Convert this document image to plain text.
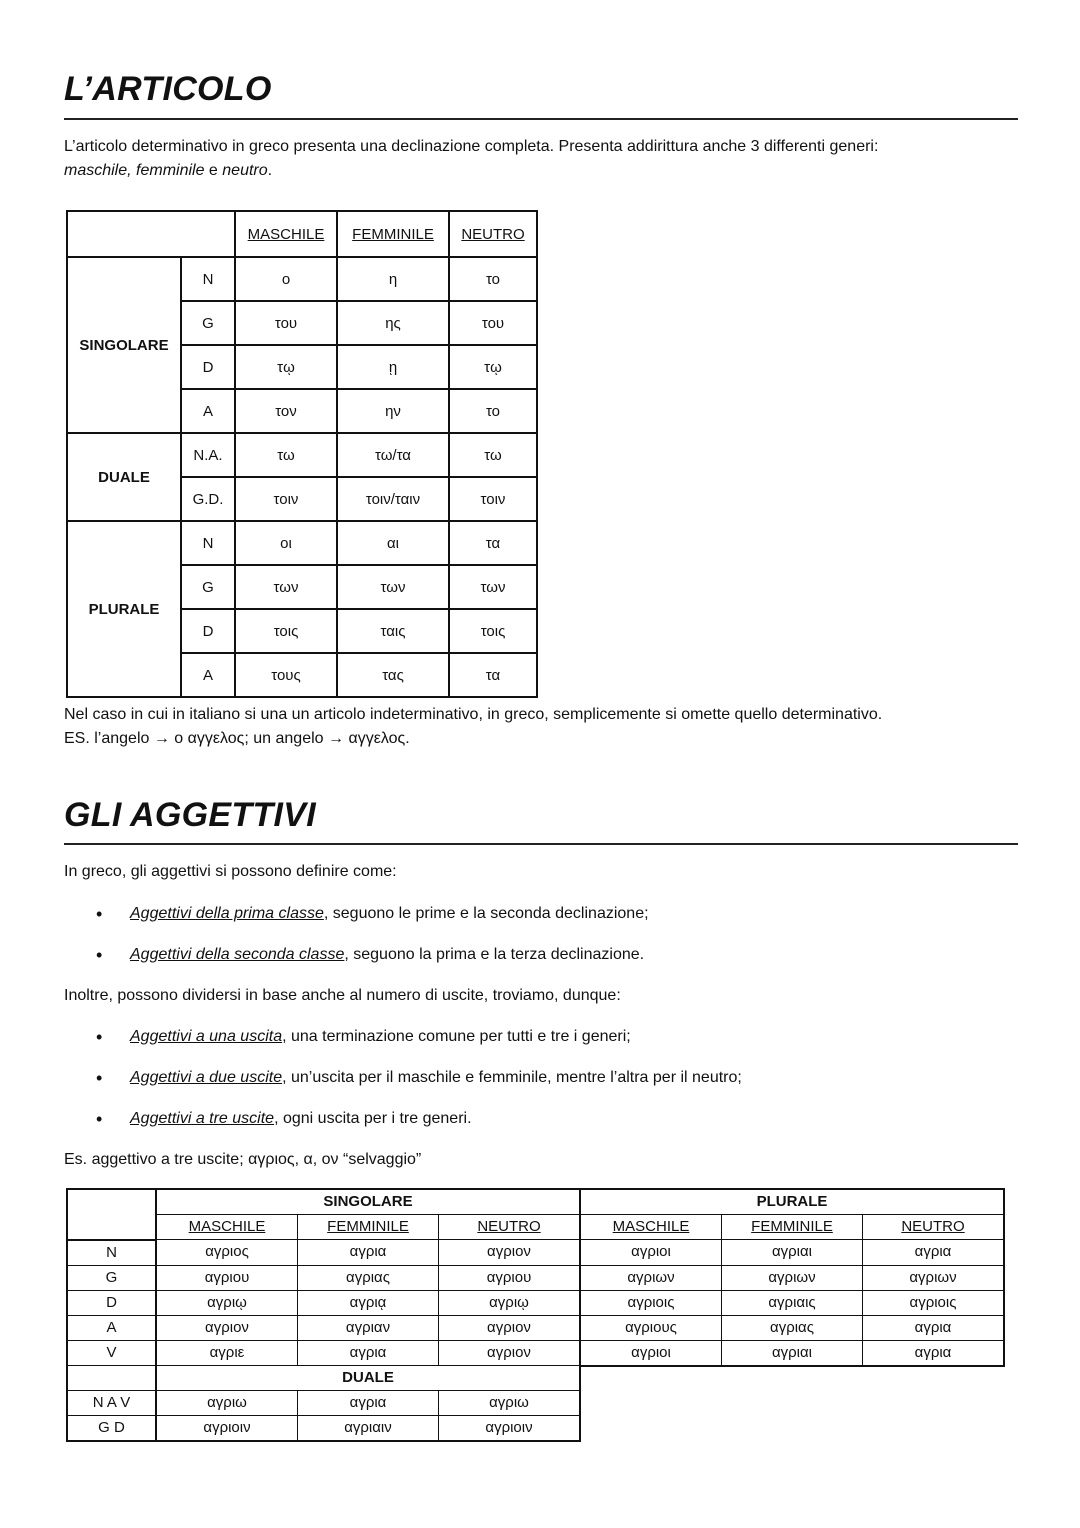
L’ARTICOLO
L’articolo determinativo in greco presenta una declinazione completa. Presenta addirittura anche 3 differenti generi:
maschile, femminile e neutro.
		MASCHILE	FEMMINILE	NEUTRO
SINGOLARE	N	ο	η	το
	G	του	ης	του
	D	τῳ	ῃ	τῳ
	A	τον	ην	το
DUALE	N.A.	τω	τω/τα	τω
	G.D.	τοιν	τοιν/ταιν	τοιν
PLURALE	N	οι	αι	τα
	G	των	των	των
	D	τοις	ταις	τοις
	A	τους	τας	τα
Nel caso in cui in italiano si una un articolo indeterminativo, in greco, semplicemente si omette quello determinativo.
ES. l’angelo → ο αγγελος; un angelo → αγγελος.
GLI AGGETTIVI
In greco, gli aggettivi si possono definire come:
• Aggettivi della prima classe, seguono le prime e la seconda declinazione;
• Aggettivi della seconda classe, seguono la prima e la terza declinazione.
Inoltre, possono dividersi in base anche al numero di uscite, troviamo, dunque:
• Aggettivi a una uscita, una terminazione comune per tutti e tre i generi;
• Aggettivi a due uscite, un’uscita per il maschile e femminile, mentre l’altra per il neutro;
• Aggettivi a tre uscite, ogni uscita per i tre generi.
Es. aggettivo a tre uscite; αγριος, α, ον “selvaggio”
	SINGOLARE			PLURALE		
	MASCHILE	FEMMINILE	NEUTRO	MASCHILE	FEMMINILE	NEUTRO
N	αγριος	αγρια	αγριον	αγριοι	αγριαι	αγρια
G	αγριου	αγριας	αγριου	αγριων	αγριων	αγριων
D	αγριῳ	αγριᾳ	αγριῳ	αγριοις	αγριαις	αγριοις
A	αγριον	αγριαν	αγριον	αγριους	αγριας	αγρια
V	αγριε	αγρια	αγριον	αγριοι	αγριαι	αγρια
	DUALE					
N A V	αγριω	αγρια	αγριω			
G D	αγριοιν	αγριαιν	αγριοιν			
